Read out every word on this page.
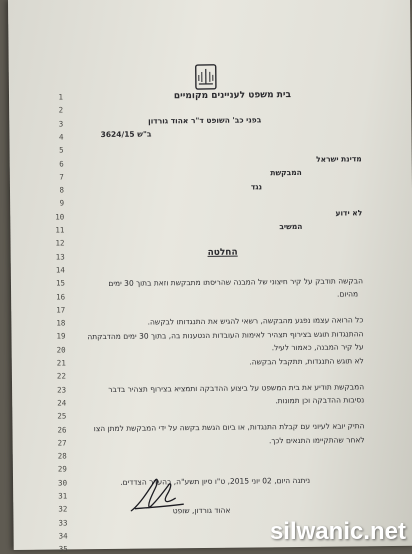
1
2
3
4
5
6
7
8
9
10
11
12
13
14
15
16
17
18
19
20
21
22
23
24
25
26
27
28
29
30
31
32
33
34
35
בית משפט לעניינים מקומיים
בפני כב' השופט ד"ר אהוד גורדון
ב"ש 3624/15
מדינת ישראל
המבקשת
נגד
לא ידוע
המשיב
החלטה
הבקשה תודבק על קיר חיצוני של המבנה שהריסתו מתבקשת וזאת בתוך 30 ימים
מהיום.
כל הרואה עצמו נפגע מהבקשה, רשאי להגיש את התנגדותו לבקשה.
ההתנגדות תוגש בצירוף תצהיר לאימות העובדות הנטענות בה, בתוך 30 ימים מהדבקתה
על קיר המבנה, כאמור לעיל.
לא תוגש התנגדות, תתקבל הבקשה.
המבקשת תודיע את בית המשפט על ביצוע ההדבקה ותמציא בצירוף תצהיר בדבר
נסיבות ההדבקה וכן תמונות.
התיק יובא לעיוני עם קבלת התנגדות, או ביום הגשת בקשה על ידי המבקשת למתן הצו
לאחר שהתקיימו התנאים לכך.
ניתנה היום, 02 יוני 2015, ט"ו סיון תשע"ה, בהעדר הצדדים.
אהוד גורדון, שופט
silwanic.net
